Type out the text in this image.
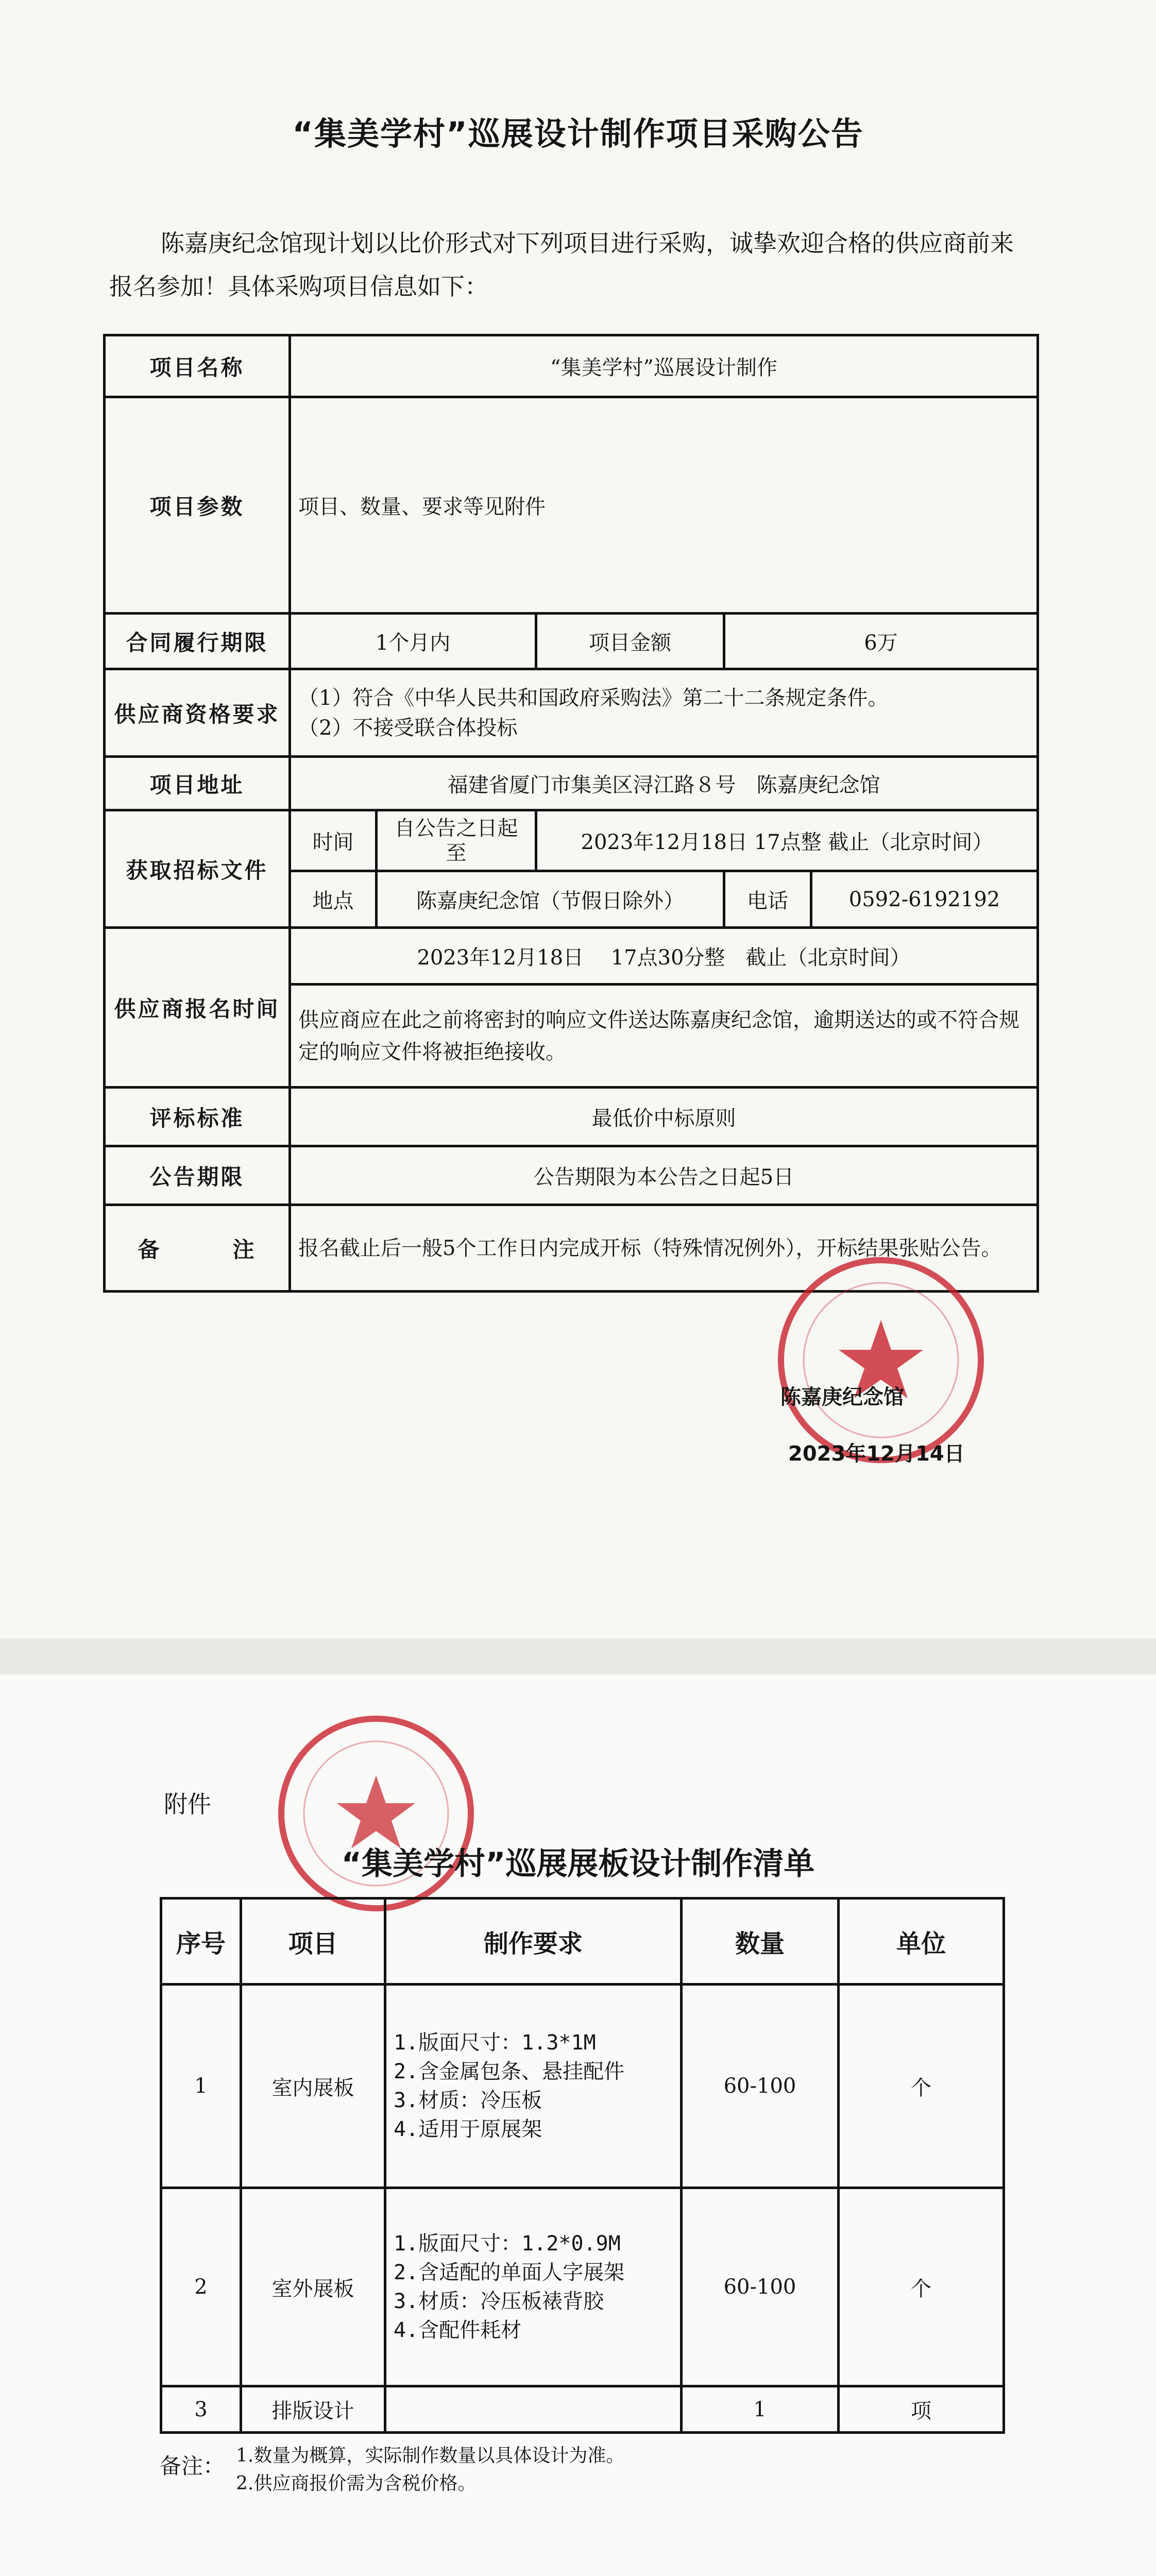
“集美学村”巡展设计制作项目采购公告
陈嘉庚纪念馆现计划以比价形式对下列项目进行采购，诚挚欢迎合格的供应商前来报名参加！具体采购项目信息如下：
项目名称	“集美学村”巡展设计制作				
项目参数	项目、数量、要求等见附件				
合同履行期限	1个月内		项目金额	6万	
供应商资格要求	（1）符合《中华人民共和国政府采购法》第二十二条规定条件。
（2）不接受联合体投标				

项目地址	福建省厦门市集美区浔江路８号　陈嘉庚纪念馆				
获取招标文件	时间	自公告之日起
至	2023年12月18日 17点整 截止（北京时间）		
	地点	陈嘉庚纪念馆（节假日除外）		电话	0592-6192192
供应商报名时间	2023年12月18日　 17点30分整　截止（北京时间）				
	供应商应在此之前将密封的响应文件送达陈嘉庚纪念馆，逾期送达的或不符合规定的响应文件将被拒绝接收。				
评标标准	最低价中标原则				
公告期限	公告期限为本公告之日起5日				
备　　　注	报名截止后一般5个工作日内完成开标（特殊情况例外），开标结果张贴公告。				
陈嘉庚纪念馆
2023年12月14日
附件
“集美学村”巡展展板设计制作清单
序号	项目	制作要求	数量	单位
1	室内展板	1.版面尺寸：1.3*1M
2.含金属包条、悬挂配件
3.材质：冷压板
4.适用于原展架	60-100	个
2	室外展板	1.版面尺寸：1.2*0.9M
2.含适配的单面人字展架
3.材质：冷压板裱背胶
4.含配件耗材	60-100	个
3	排版设计		1	项
备注： 1.数量为概算，实际制作数量以具体设计为准。
2.供应商报价需为含税价格。
